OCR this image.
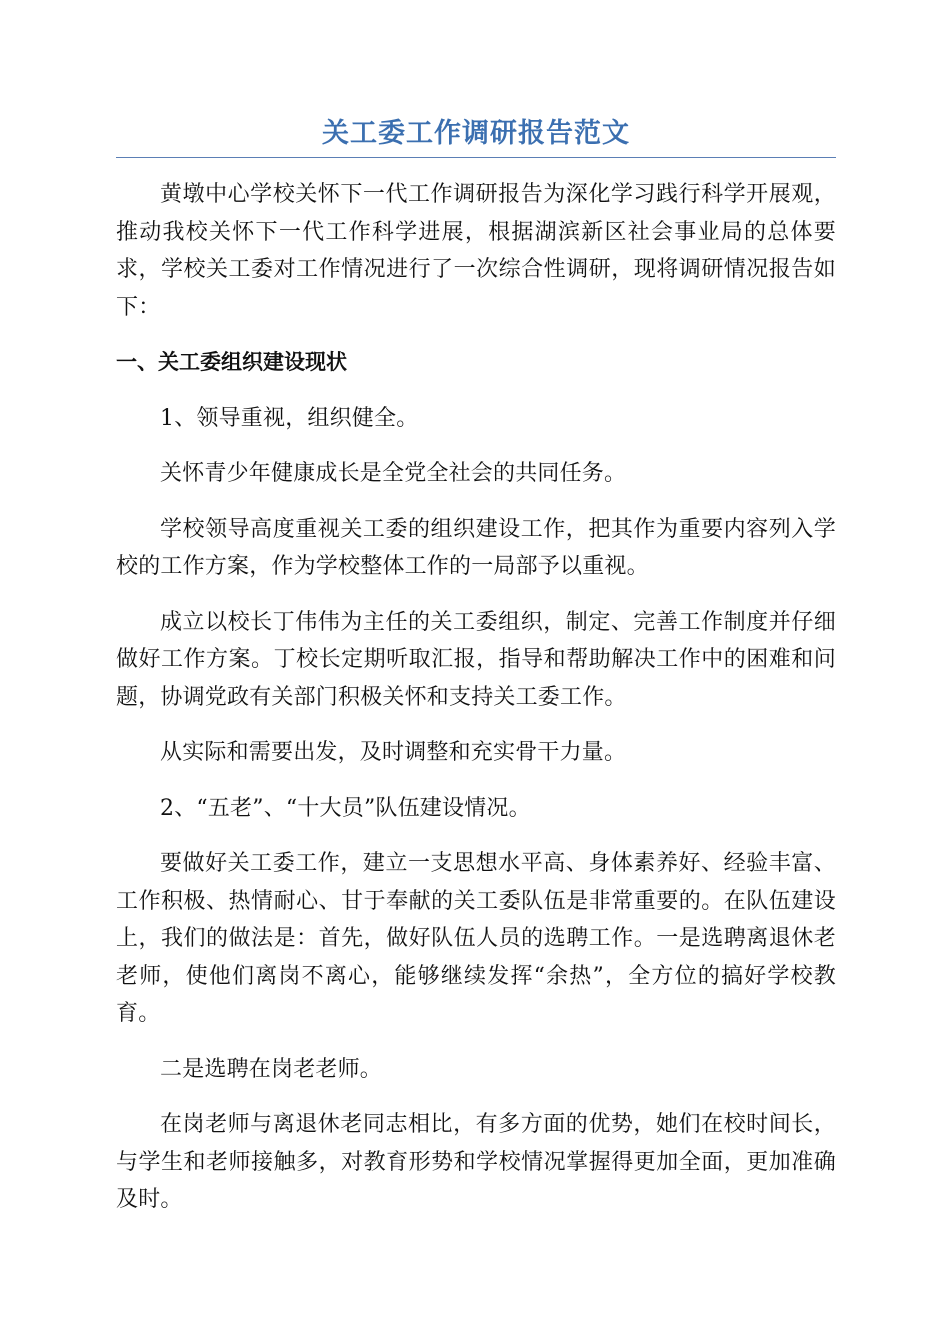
关工委工作调研报告范文

黄墩中心学校关怀下一代工作调研报告为深化学习践行科学开展观，推动我校关怀下一代工作科学进展，根据湖滨新区社会事业局的总体要求，学校关工委对工作情况进行了一次综合性调研，现将调研情况报告如下：

一、关工委组织建设现状

1、领导重视，组织健全。

关怀青少年健康成长是全党全社会的共同任务。

学校领导高度重视关工委的组织建设工作，把其作为重要内容列入学校的工作方案，作为学校整体工作的一局部予以重视。

成立以校长丁伟伟为主任的关工委组织，制定、完善工作制度并仔细做好工作方案。丁校长定期听取汇报，指导和帮助解决工作中的困难和问题，协调党政有关部门积极关怀和支持关工委工作。

从实际和需要出发，及时调整和充实骨干力量。

2、“五老”、“十大员”队伍建设情况。

要做好关工委工作，建立一支思想水平高、身体素养好、经验丰富、工作积极、热情耐心、甘于奉献的关工委队伍是非常重要的。在队伍建设上，我们的做法是：首先，做好队伍人员的选聘工作。一是选聘离退休老老师，使他们离岗不离心，能够继续发挥“余热”，全方位的搞好学校教育。

二是选聘在岗老老师。

在岗老师与离退休老同志相比，有多方面的优势，她们在校时间长，与学生和老师接触多，对教育形势和学校情况掌握得更加全面，更加准确及时。
